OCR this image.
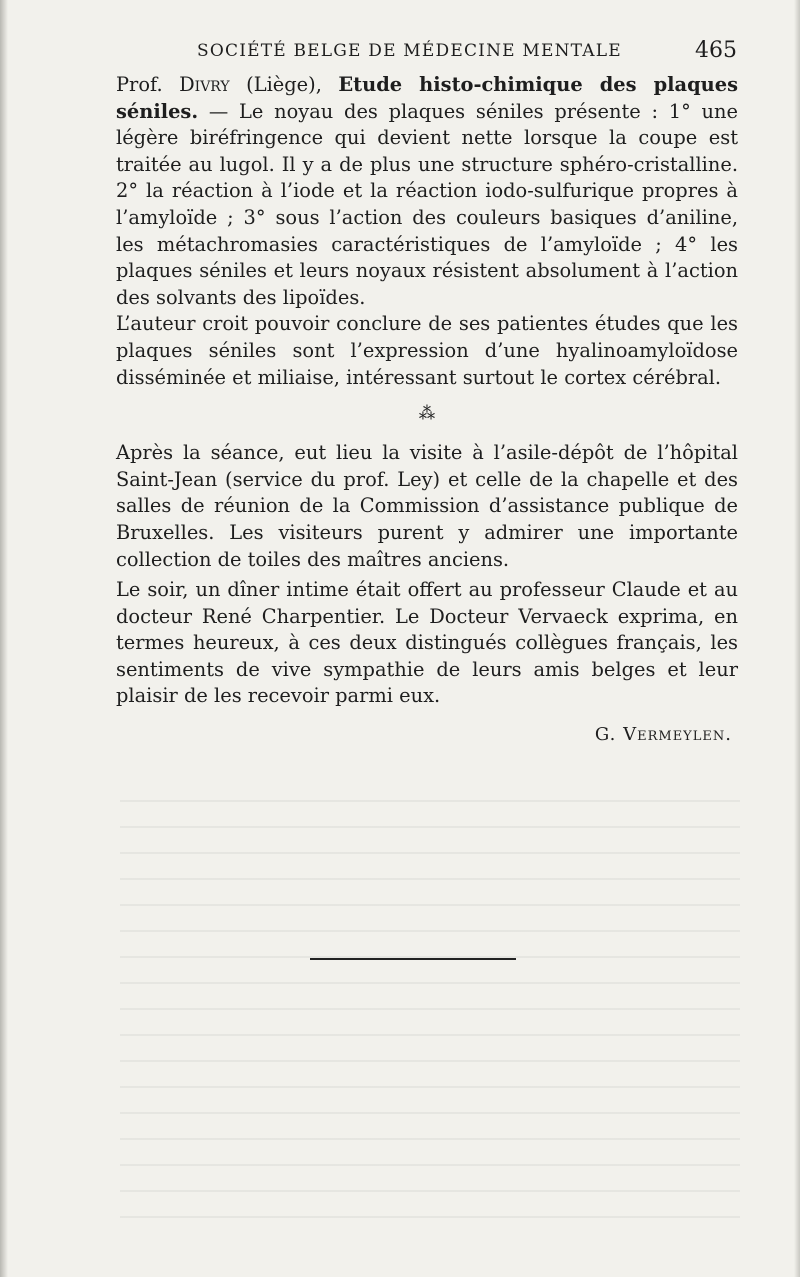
SOCIÉTÉ BELGE DE MÉDECINE MENTALE	465

Prof. Divry (Liège), Etude histo-chimique des plaques séniles. — Le noyau des plaques séniles présente : 1° une légère biréfringence qui devient nette lorsque la coupe est traitée au lugol. Il y a de plus une structure sphéro-cristalline. 2° la réaction à l’iode et la réaction iodo-sulfurique propres à l’amyloïde ; 3° sous l’action des couleurs basiques d’aniline, les métachromasies caractéristiques de l’amyloïde ; 4° les plaques séniles et leurs noyaux résistent absolument à l’action des solvants des lipoïdes.

L’auteur croit pouvoir conclure de ses patientes études que les plaques séniles sont l’expression d’une hyalinoamyloïdose disséminée et miliaise, intéressant surtout le cortex cérébral.

⁂

Après la séance, eut lieu la visite à l’asile-dépôt de l’hôpital Saint-Jean (service du prof. Ley) et celle de la chapelle et des salles de réunion de la Commission d’assistance publique de Bruxelles. Les visiteurs purent y admirer une importante collection de toiles des maîtres anciens.

Le soir, un dîner intime était offert au professeur Claude et au docteur René Charpentier. Le Docteur Vervaeck exprima, en termes heureux, à ces deux distingués collègues français, les sentiments de vive sympathie de leurs amis belges et leur plaisir de les recevoir parmi eux.

G. Vermeylen.
